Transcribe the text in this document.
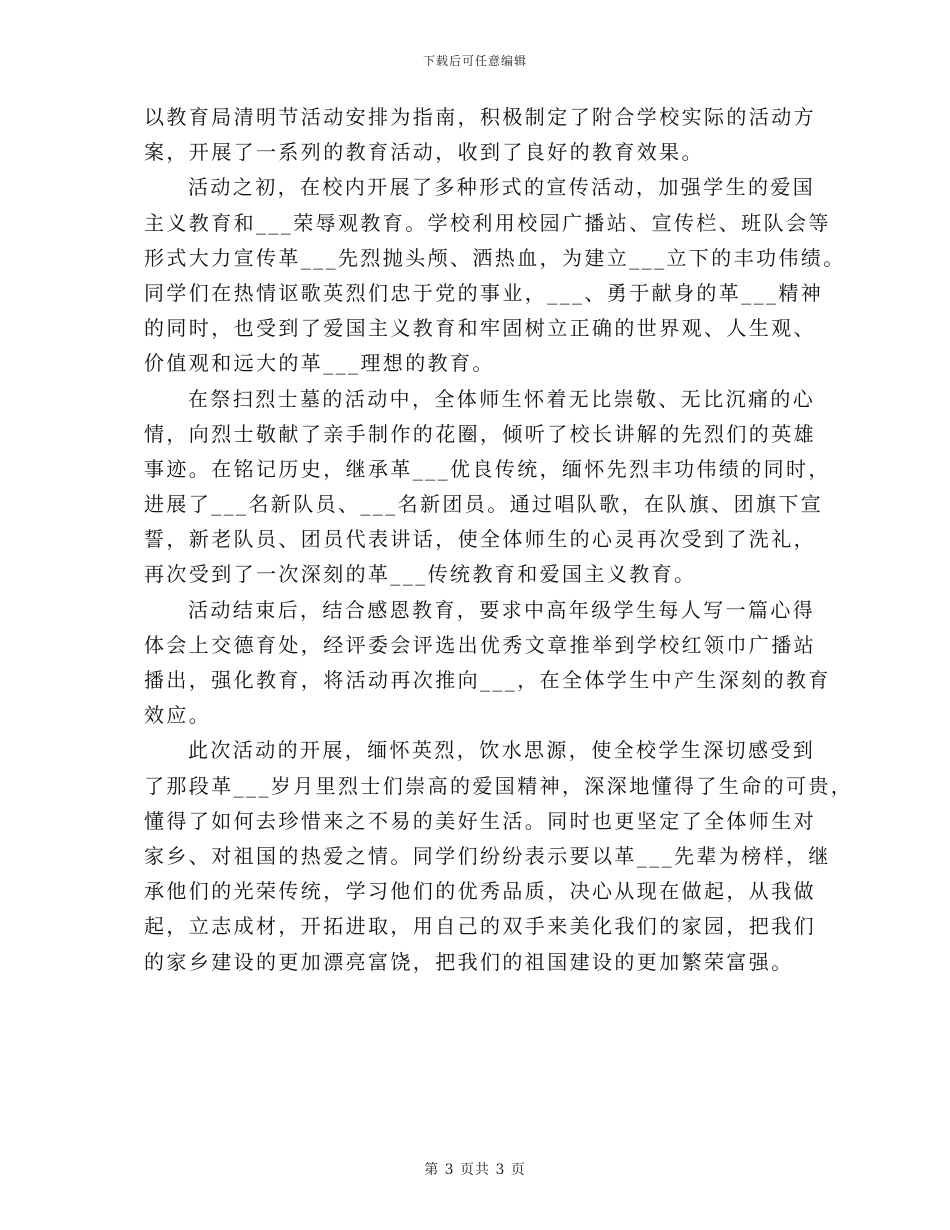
下载后可任意编辑
以教育局清明节活动安排为指南，积极制定了附合学校实际的活动方
案，开展了一系列的教育活动，收到了良好的教育效果。
活动之初，在校内开展了多种形式的宣传活动，加强学生的爱国
主义教育和___荣辱观教育。学校利用校园广播站、宣传栏、班队会等
形式大力宣传革___先烈抛头颅、洒热血，为建立___立下的丰功伟绩。
同学们在热情讴歌英烈们忠于党的事业，___、勇于献身的革___精神
的同时，也受到了爱国主义教育和牢固树立正确的世界观、人生观、
价值观和远大的革___理想的教育。
在祭扫烈士墓的活动中，全体师生怀着无比崇敬、无比沉痛的心
情，向烈士敬献了亲手制作的花圈，倾听了校长讲解的先烈们的英雄
事迹。在铭记历史，继承革___优良传统，缅怀先烈丰功伟绩的同时，
进展了___名新队员、___名新团员。通过唱队歌，在队旗、团旗下宣
誓，新老队员、团员代表讲话，使全体师生的心灵再次受到了洗礼，
再次受到了一次深刻的革___传统教育和爱国主义教育。
活动结束后，结合感恩教育，要求中高年级学生每人写一篇心得
体会上交德育处，经评委会评选出优秀文章推举到学校红领巾广播站
播出，强化教育，将活动再次推向___，在全体学生中产生深刻的教育
效应。
此次活动的开展，缅怀英烈，饮水思源，使全校学生深切感受到
了那段革___岁月里烈士们崇高的爱国精神，深深地懂得了生命的可贵，
懂得了如何去珍惜来之不易的美好生活。同时也更坚定了全体师生对
家乡、对祖国的热爱之情。同学们纷纷表示要以革___先辈为榜样，继
承他们的光荣传统，学习他们的优秀品质，决心从现在做起，从我做
起，立志成材，开拓进取，用自己的双手来美化我们的家园，把我们
的家乡建设的更加漂亮富饶，把我们的祖国建设的更加繁荣富强。
第 3 页共 3 页
